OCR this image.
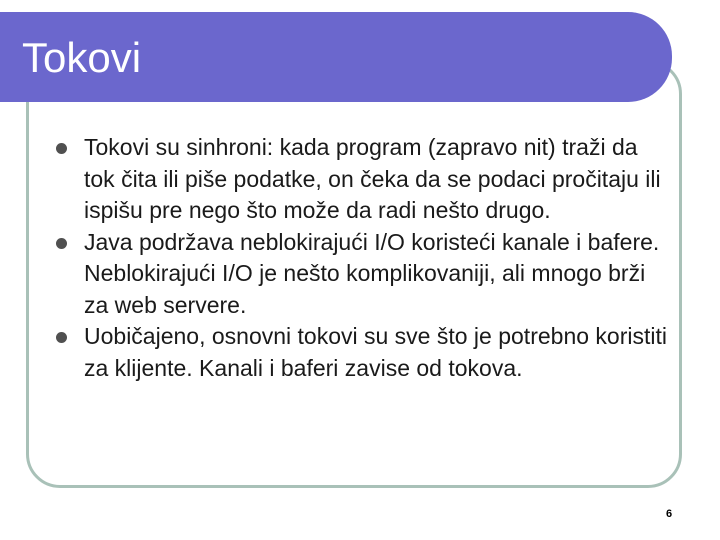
Tokovi
Tokovi su sinhroni: kada program (zapravo nit) traži da tok čita ili piše podatke, on čeka da se podaci pročitaju ili ispišu pre nego što može da radi nešto drugo.
Java podržava neblokirajući I/O koristeći kanale i bafere. Neblokirajući I/O je nešto komplikovaniji, ali mnogo brži za web servere.
Uobičajeno, osnovni tokovi su sve što je potrebno koristiti za klijente. Kanali i baferi zavise od tokova.
6
